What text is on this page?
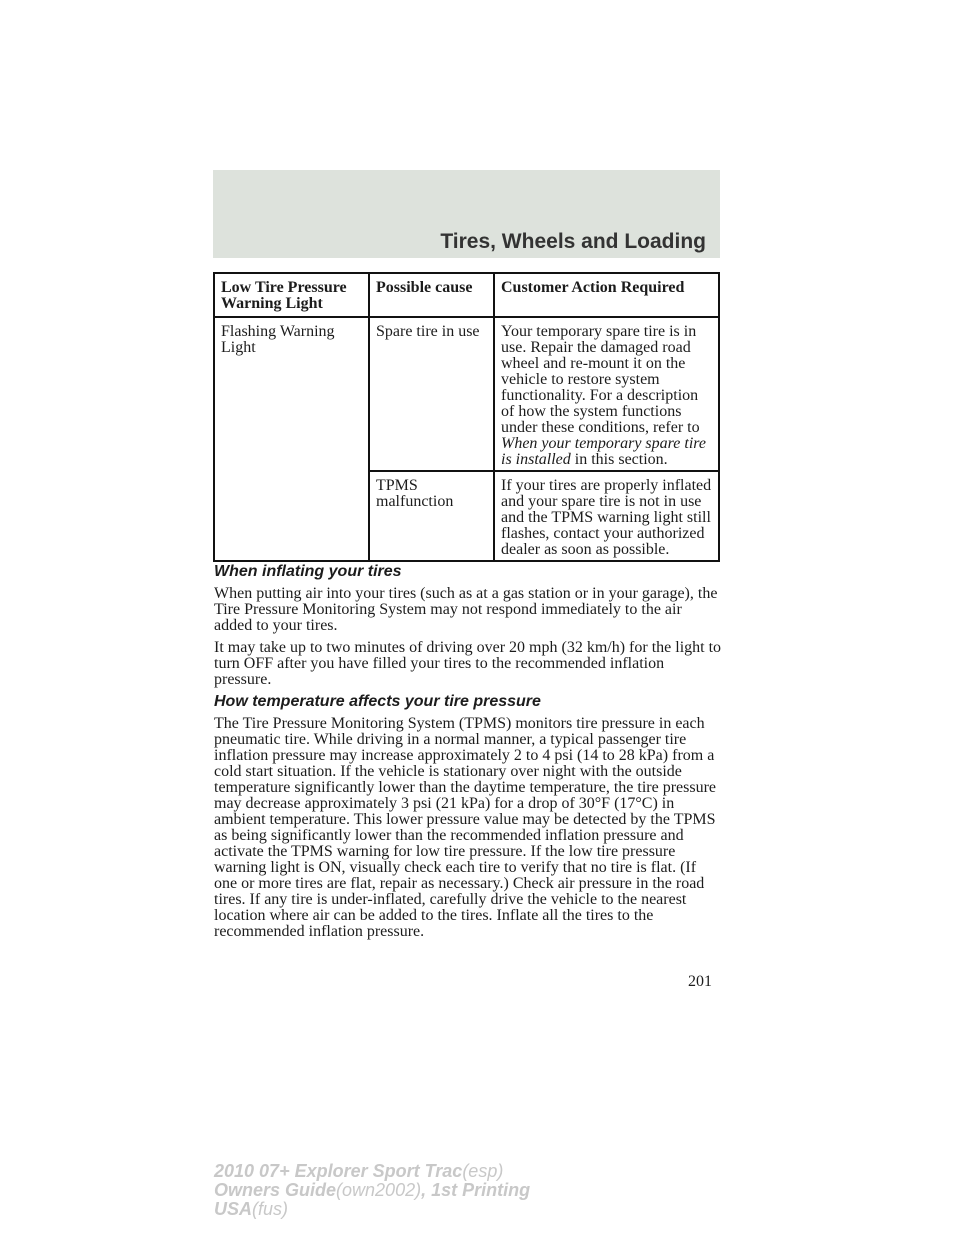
Tires, Wheels and Loading
Low Tire Pressure Warning Light	Possible cause	Customer Action Required
Flashing Warning Light	Spare tire in use	Your temporary spare tire is in use. Repair the damaged road wheel and re-mount it on the vehicle to restore system functionality. For a description of how the system functions under these conditions, refer to When your temporary spare tire is installed in this section.
	TPMS malfunction	If your tires are properly inflated and your spare tire is not in use and the TPMS warning light still flashes, contact your authorized dealer as soon as possible.
When inflating your tires

When putting air into your tires (such as at a gas station or in your garage), the Tire Pressure Monitoring System may not respond immediately to the air added to your tires.

It may take up to two minutes of driving over 20 mph (32 km/h) for the light to turn OFF after you have filled your tires to the recommended inflation pressure.

How temperature affects your tire pressure

The Tire Pressure Monitoring System (TPMS) monitors tire pressure in each pneumatic tire. While driving in a normal manner, a typical passenger tire inflation pressure may increase approximately 2 to 4 psi (14 to 28 kPa) from a cold start situation. If the vehicle is stationary over night with the outside temperature significantly lower than the daytime temperature, the tire pressure may decrease approximately 3 psi (21 kPa) for a drop of 30°F (17°C) in ambient temperature. This lower pressure value may be detected by the TPMS as being significantly lower than the recommended inflation pressure and activate the TPMS warning for low tire pressure. If the low tire pressure warning light is ON, visually check each tire to verify that no tire is flat. (If one or more tires are flat, repair as necessary.) Check air pressure in the road tires. If any tire is under-inflated, carefully drive the vehicle to the nearest location where air can be added to the tires. Inflate all the tires to the recommended inflation pressure.

201
2010 07+ Explorer Sport Trac(esp)
Owners Guide(own2002), 1st Printing
USA(fus)
